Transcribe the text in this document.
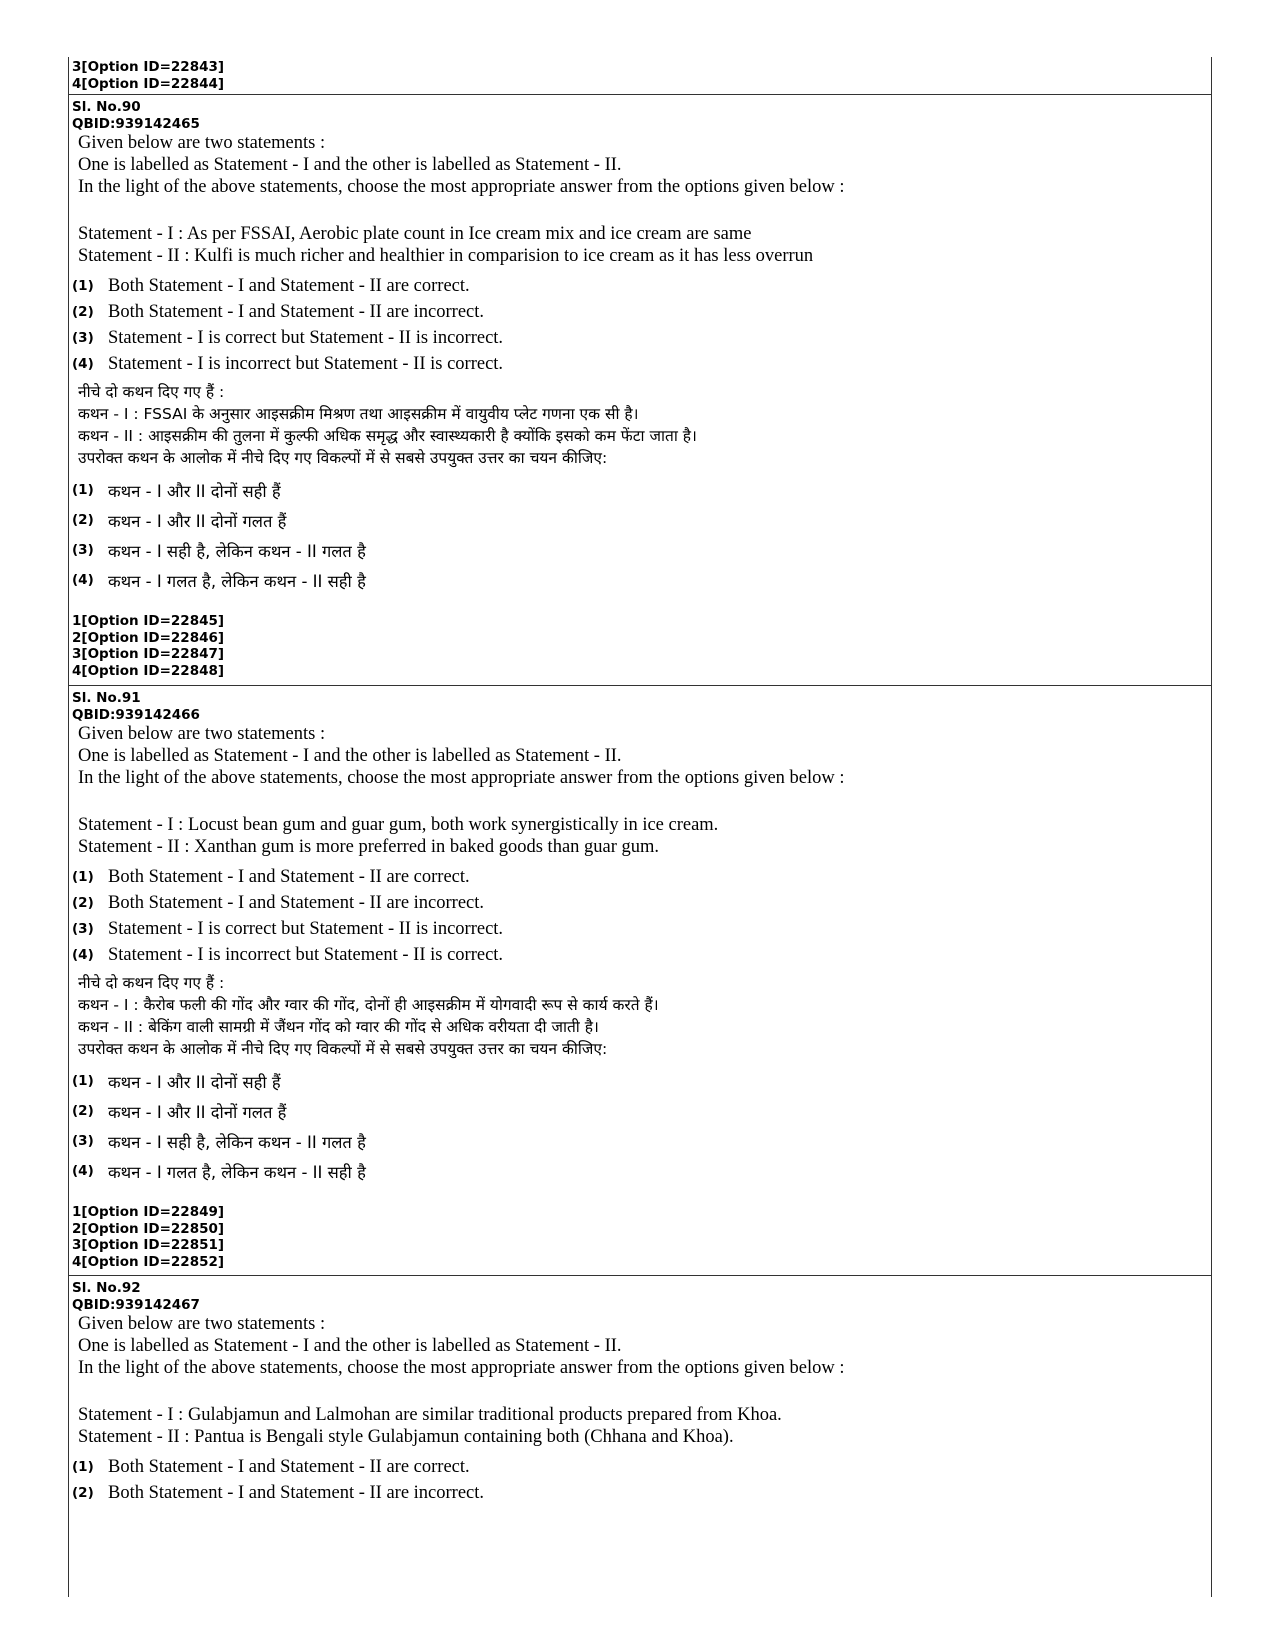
3[Option ID=22843]
4[Option ID=22844]
Sl. No.90
QBID:939142465
Given below are two statements :
One is labelled as Statement - I and the other is labelled as Statement - II.
In the light of the above statements, choose the most appropriate answer from the options given below :
Statement - I : As per FSSAI, Aerobic plate count in Ice cream mix and ice cream are same
Statement - II : Kulfi is much richer and healthier in comparision to ice cream as it has less overrun
(1) Both Statement - I and Statement - II are correct.
(2) Both Statement - I and Statement - II are incorrect.
(3) Statement - I is correct but Statement - II is incorrect.
(4) Statement - I is incorrect but Statement - II is correct.
नीचे दो कथन दिए गए हैं :
कथन - I : FSSAI के अनुसार आइसक्रीम मिश्रण तथा आइसक्रीम में वायुवीय प्लेट गणना एक सी है।
कथन - II : आइसक्रीम की तुलना में कुल्फी अधिक समृद्ध और स्वास्थ्यकारी है क्योंकि इसको कम फेंटा जाता है।
उपरोक्त कथन के आलोक में नीचे दिए गए विकल्पों में से सबसे उपयुक्त उत्तर का चयन कीजिए:
(1) कथन - I और II दोनों सही हैं
(2) कथन - I और II दोनों गलत हैं
(3) कथन - I सही है, लेकिन कथन - II गलत है
(4) कथन - I गलत है, लेकिन कथन - II सही है
1[Option ID=22845]
2[Option ID=22846]
3[Option ID=22847]
4[Option ID=22848]
Sl. No.91
QBID:939142466
Given below are two statements :
One is labelled as Statement - I and the other is labelled as Statement - II.
In the light of the above statements, choose the most appropriate answer from the options given below :
Statement - I : Locust bean gum and guar gum, both work synergistically in ice cream.
Statement - II : Xanthan gum is more preferred in baked goods than guar gum.
(1) Both Statement - I and Statement - II are correct.
(2) Both Statement - I and Statement - II are incorrect.
(3) Statement - I is correct but Statement - II is incorrect.
(4) Statement - I is incorrect but Statement - II is correct.
नीचे दो कथन दिए गए हैं :
कथन - I : कैरोब फली की गोंद और ग्वार की गोंद, दोनों ही आइसक्रीम में योगवादी रूप से कार्य करते हैं।
कथन - II : बेकिंग वाली सामग्री में जैंथन गोंद को ग्वार की गोंद से अधिक वरीयता दी जाती है।
उपरोक्त कथन के आलोक में नीचे दिए गए विकल्पों में से सबसे उपयुक्त उत्तर का चयन कीजिए:
(1) कथन - I और II दोनों सही हैं
(2) कथन - I और II दोनों गलत हैं
(3) कथन - I सही है, लेकिन कथन - II गलत है
(4) कथन - I गलत है, लेकिन कथन - II सही है
1[Option ID=22849]
2[Option ID=22850]
3[Option ID=22851]
4[Option ID=22852]
Sl. No.92
QBID:939142467
Given below are two statements :
One is labelled as Statement - I and the other is labelled as Statement - II.
In the light of the above statements, choose the most appropriate answer from the options given below :
Statement - I : Gulabjamun and Lalmohan are similar traditional products prepared from Khoa.
Statement - II : Pantua is Bengali style Gulabjamun containing both (Chhana and Khoa).
(1) Both Statement - I and Statement - II are correct.
(2) Both Statement - I and Statement - II are incorrect.
